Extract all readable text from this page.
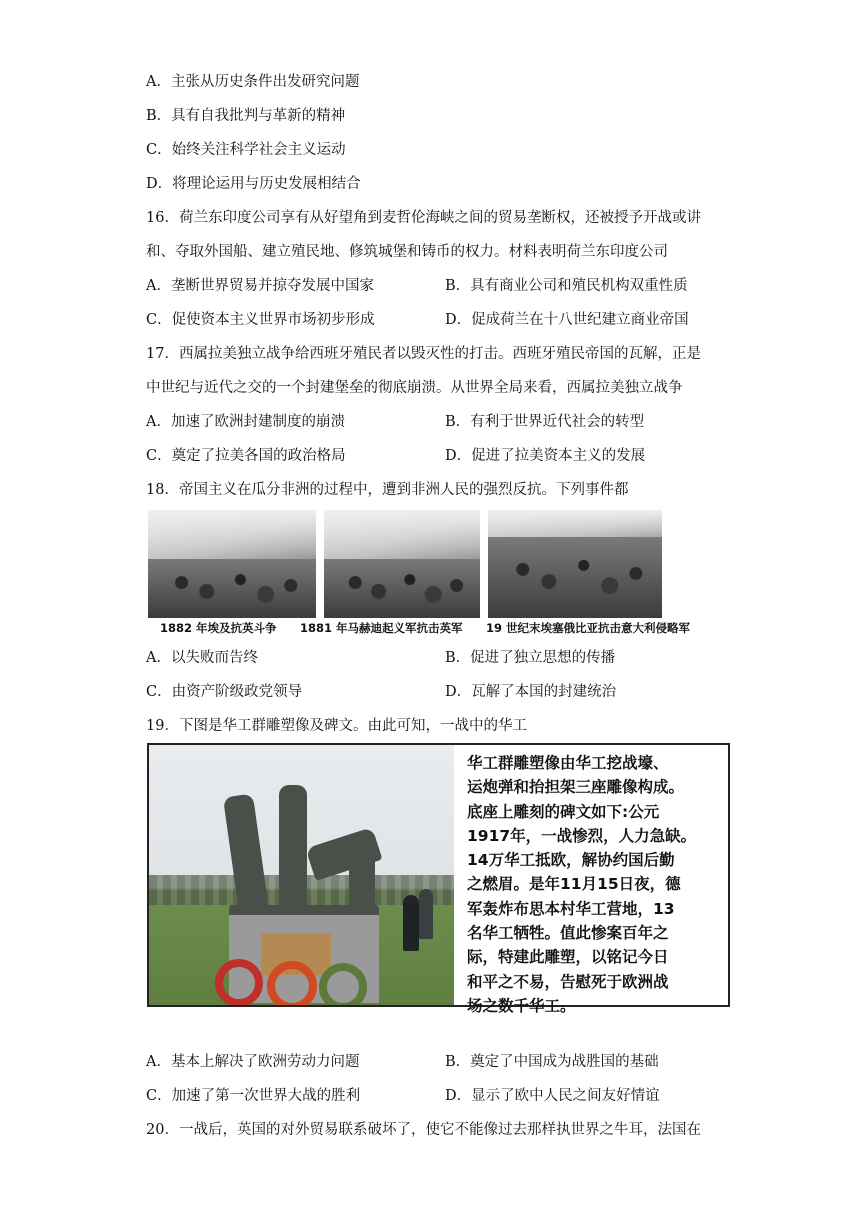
A．主张从历史条件出发研究问题
B．具有自我批判与革新的精神
C．始终关注科学社会主义运动
D．将理论运用与历史发展相结合
16．荷兰东印度公司享有从好望角到麦哲伦海峡之间的贸易垄断权，还被授予开战或讲
和、夺取外国船、建立殖民地、修筑城堡和铸币的权力。材料表明荷兰东印度公司
A．垄断世界贸易并掠夺发展中国家	B．具有商业公司和殖民机构双重性质
C．促使资本主义世界市场初步形成	D．促成荷兰在十八世纪建立商业帝国
17．西属拉美独立战争给西班牙殖民者以毁灭性的打击。西班牙殖民帝国的瓦解，正是
中世纪与近代之交的一个封建堡垒的彻底崩溃。从世界全局来看，西属拉美独立战争
A．加速了欧洲封建制度的崩溃	B．有利于世界近代社会的转型
C．奠定了拉美各国的政治格局	D．促进了拉美资本主义的发展
18．帝国主义在瓜分非洲的过程中，遭到非洲人民的强烈反抗。下列事件都
1882 年埃及抗英斗争 1881 年马赫迪起义军抗击英军 19 世纪末埃塞俄比亚抗击意大利侵略军
A．以失败而告终	B．促进了独立思想的传播
C．由资产阶级政党领导	D．瓦解了本国的封建统治
19．下图是华工群雕塑像及碑文。由此可知，一战中的华工
华工群雕塑像由华工挖战壕、
运炮弹和抬担架三座雕像构成。
底座上雕刻的碑文如下:公元
1917年，一战惨烈，人力急缺。
14万华工抵欧，解协约国后勤
之燃眉。是年11月15日夜，德
军轰炸布思本村华工营地，13
名华工牺牲。值此惨案百年之
际，特建此雕塑，以铭记今日
和平之不易，告慰死于欧洲战
场之数千华工。
A．基本上解决了欧洲劳动力问题	B．奠定了中国成为战胜国的基础
C．加速了第一次世界大战的胜利	D．显示了欧中人民之间友好情谊
20．一战后，英国的对外贸易联系破坏了，使它不能像过去那样执世界之牛耳，法国在
